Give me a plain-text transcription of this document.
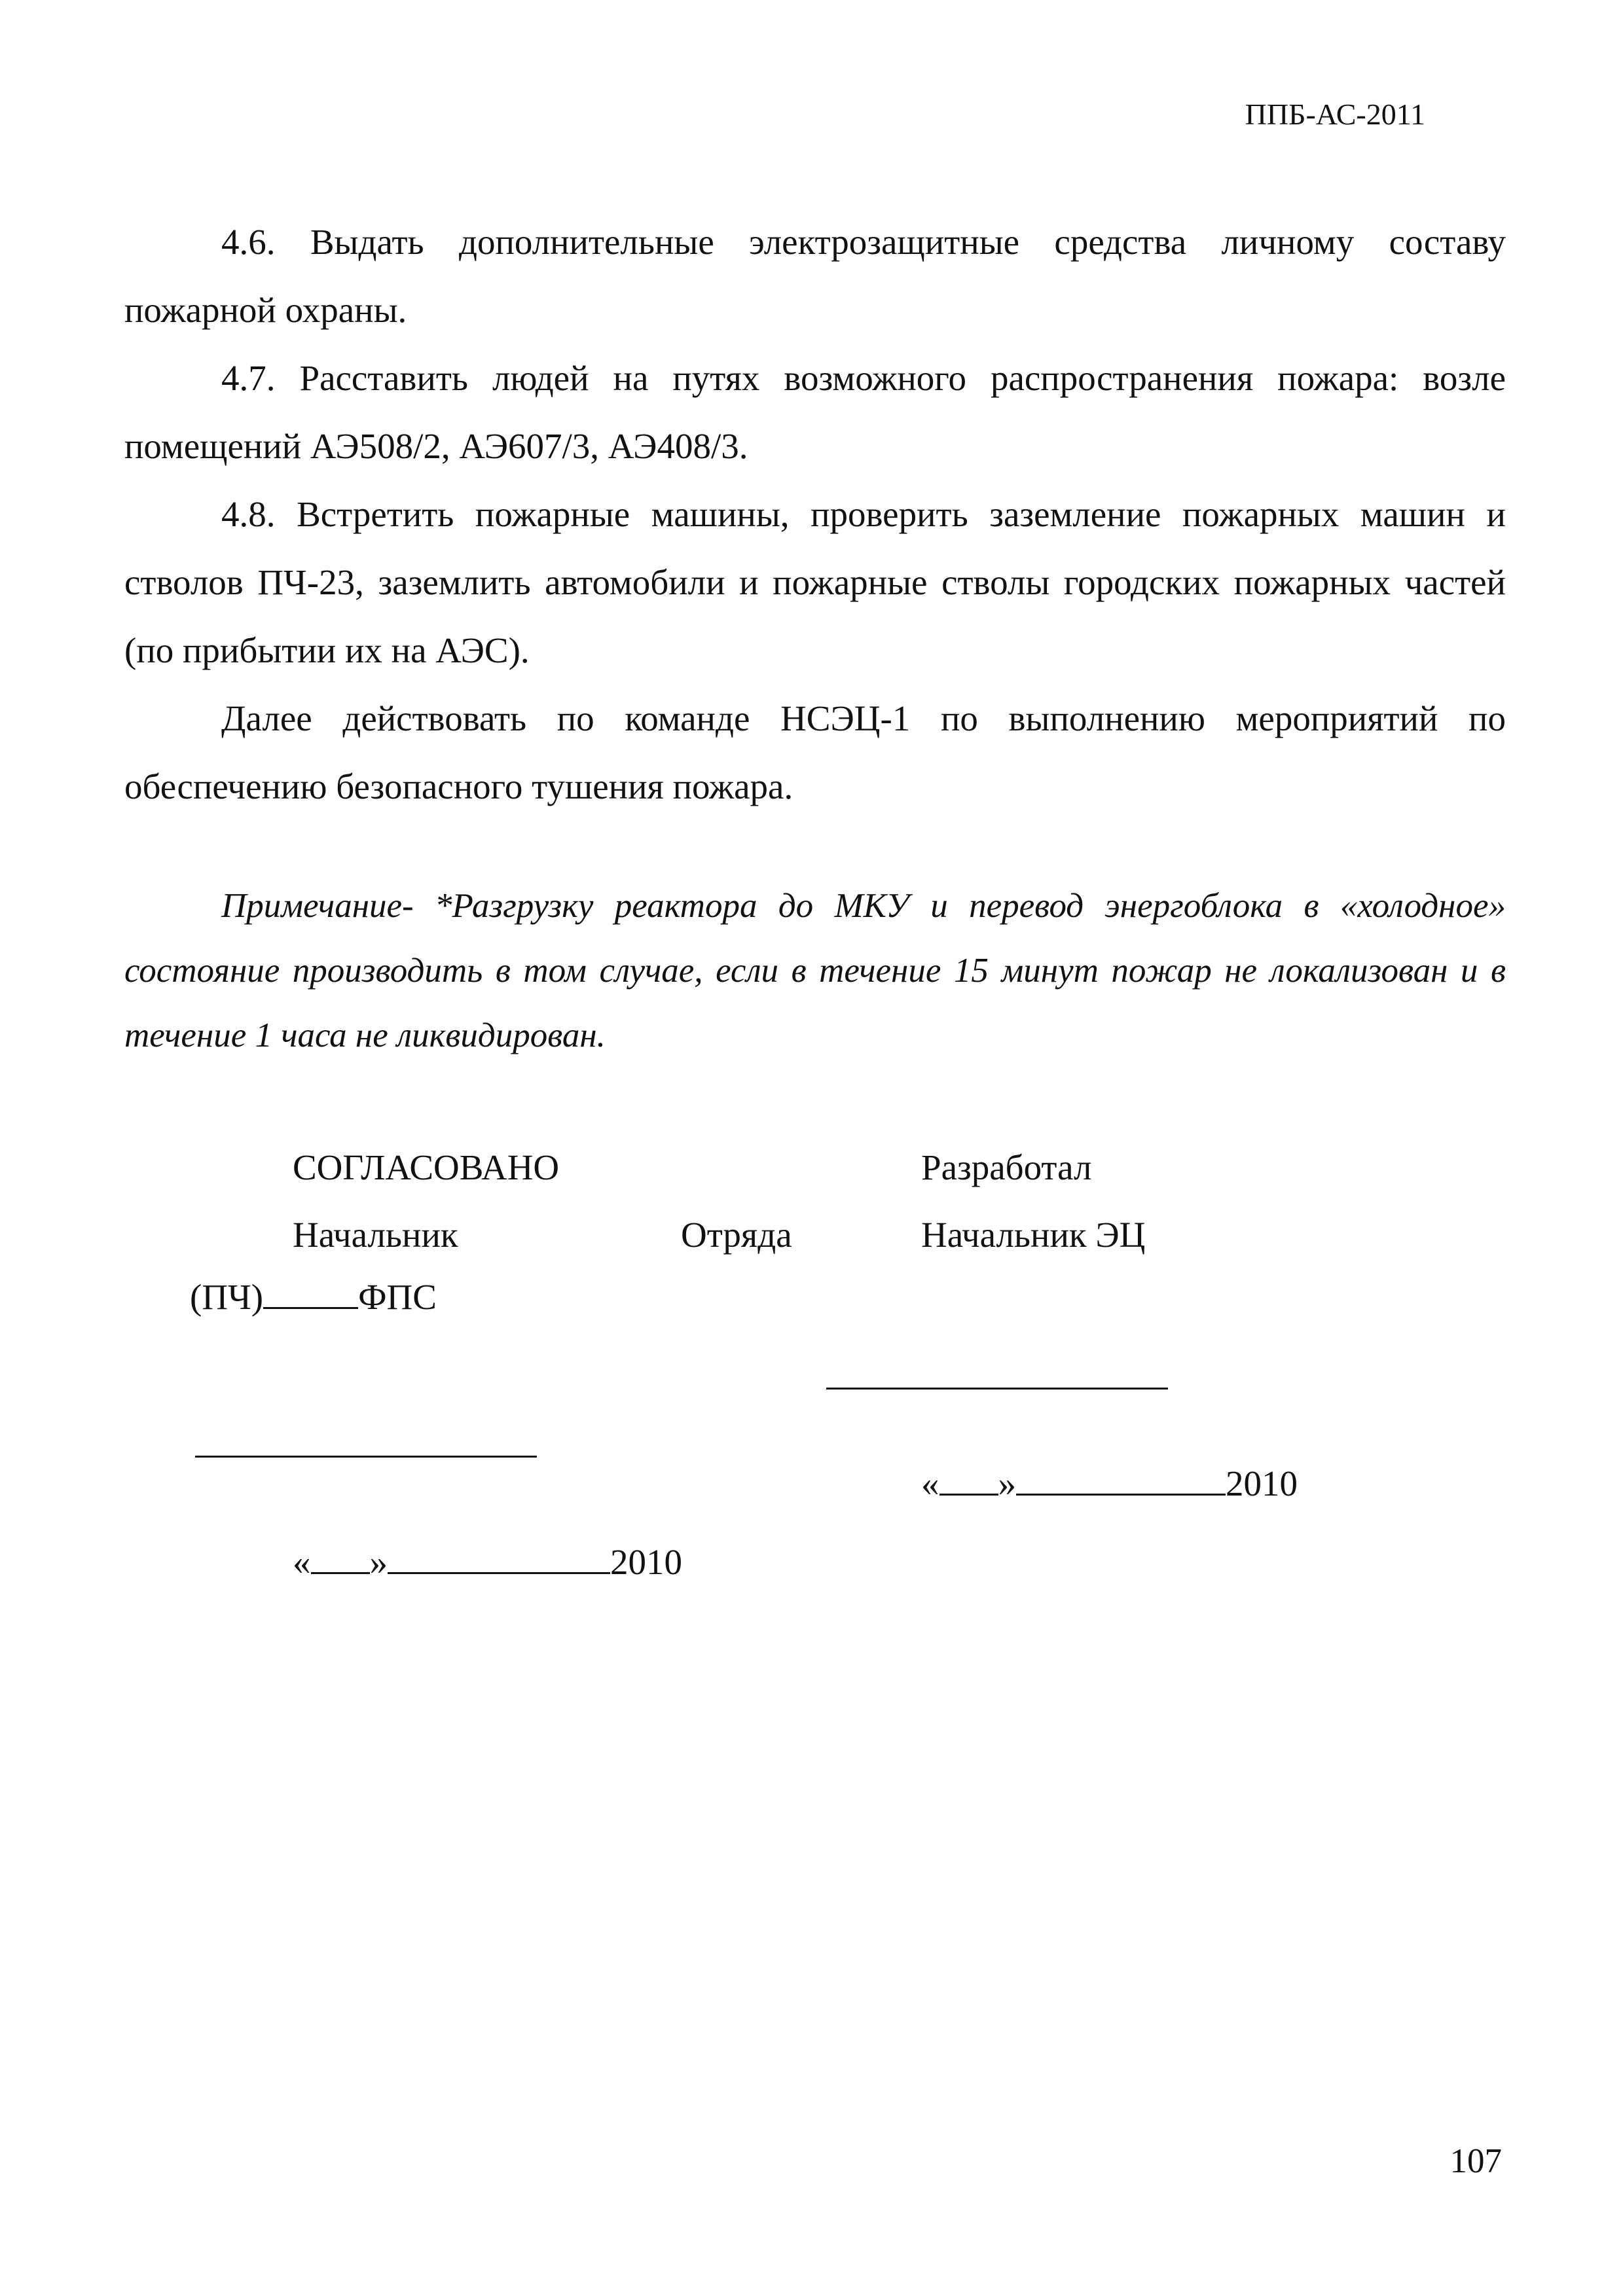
ППБ-АС-2011

4.6. Выдать дополнительные электрозащитные средства личному составу пожарной охраны.

4.7. Расставить людей на путях возможного распространения пожара: возле помещений АЭ508/2, АЭ607/3, АЭ408/3.

4.8. Встретить пожарные машины, проверить заземление пожарных машин и стволов ПЧ-23, заземлить автомобили и пожарные стволы городских пожарных частей (по прибытии их на АЭС).

Далее действовать по команде НСЭЦ-1 по выполнению мероприятий по обеспечению безопасного тушения пожара.

Примечание- *Разгрузку реактора до МКУ и перевод энергоблока в «холодное» состояние производить в том случае, если в течение 15 минут пожар не локализован и в течение 1 часа не ликвидирован.

СОГЛАСОВАНО
Начальник	Отряда
(ПЧ)	ФПС
« »	2010
Разработал
Начальник ЭЦ
« »	2010
107
